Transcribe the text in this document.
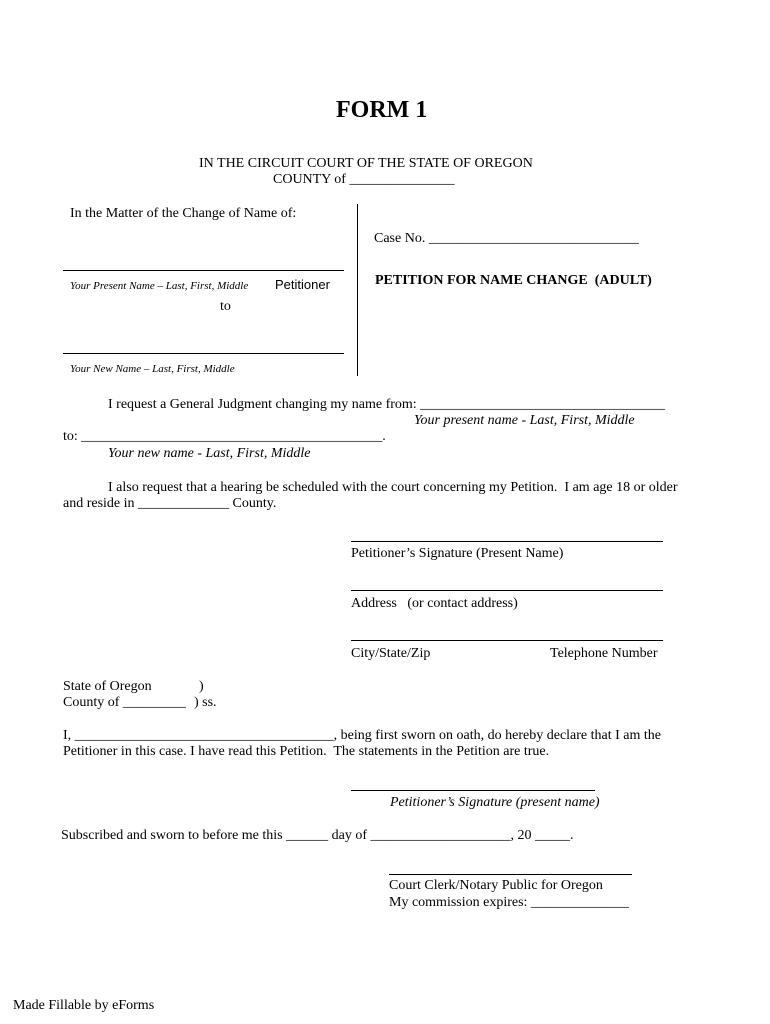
FORM 1
IN THE CIRCUIT COURT OF THE STATE OF OREGON
COUNTY of _______________
In the Matter of the Change of Name of:
Case No. ______________________________
Your Present Name – Last, First, Middle Petitioner	PETITION FOR NAME CHANGE  (ADULT)
to
Your New Name – Last, First, Middle
I request a General Judgment changing my name from: ___________________________________
Your present name - Last, First, Middle
to: ___________________________________________.
Your new name - Last, First, Middle
I also request that a hearing be scheduled with the court concerning my Petition.  I am age 18 or older
and reside in _____________ County.
Petitioner’s Signature (Present Name)
Address   (or contact address)
City/State/Zip	Telephone Number
State of Oregon	)
County of _________ ) ss.
I, _____________________________________, being first sworn on oath, do hereby declare that I am the
Petitioner in this case. I have read this Petition.  The statements in the Petition are true.
Petitioner’s Signature (present name)
Subscribed and sworn to before me this ______ day of ____________________, 20 _____.
Court Clerk/Notary Public for Oregon
My commission expires: ______________
Made Fillable by eForms
